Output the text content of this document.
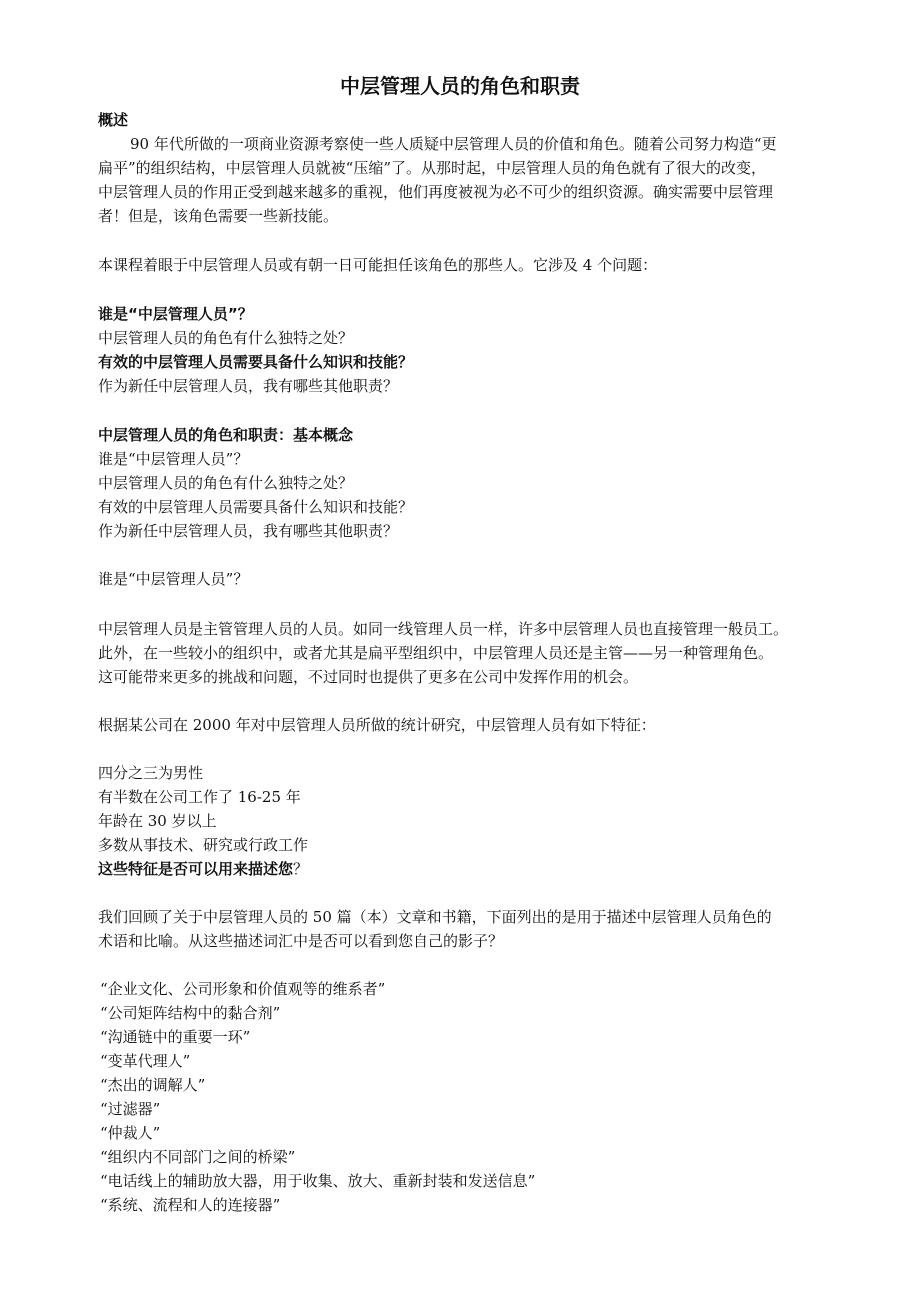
中层管理人员的角色和职责
概述
90 年代所做的一项商业资源考察使一些人质疑中层管理人员的价值和角色。随着公司努力构造“更
扁平”的组织结构，中层管理人员就被“压缩”了。从那时起，中层管理人员的角色就有了很大的改变，
中层管理人员的作用正受到越来越多的重视，他们再度被视为必不可少的组织资源。确实需要中层管理
者！但是，该角色需要一些新技能。
本课程着眼于中层管理人员或有朝一日可能担任该角色的那些人。它涉及 4 个问题：
谁是“中层管理人员”？
中层管理人员的角色有什么独特之处？
有效的中层管理人员需要具备什么知识和技能？
作为新任中层管理人员，我有哪些其他职责？
中层管理人员的角色和职责：基本概念
谁是“中层管理人员”？
中层管理人员的角色有什么独特之处？
有效的中层管理人员需要具备什么知识和技能？
作为新任中层管理人员，我有哪些其他职责？
谁是“中层管理人员”？
中层管理人员是主管管理人员的人员。如同一线管理人员一样，许多中层管理人员也直接管理一般员工。
此外，在一些较小的组织中，或者尤其是扁平型组织中，中层管理人员还是主管——另一种管理角色。
这可能带来更多的挑战和问题，不过同时也提供了更多在公司中发挥作用的机会。
根据某公司在 2000 年对中层管理人员所做的统计研究，中层管理人员有如下特征：
四分之三为男性
有半数在公司工作了 16-25 年
年龄在 30 岁以上
多数从事技术、研究或行政工作
这些特征是否可以用来描述您？
我们回顾了关于中层管理人员的 50 篇（本）文章和书籍，下面列出的是用于描述中层管理人员角色的
术语和比喻。从这些描述词汇中是否可以看到您自己的影子？
“企业文化、公司形象和价值观等的维系者”
“公司矩阵结构中的黏合剂”
“沟通链中的重要一环”
“变革代理人”
“杰出的调解人”
“过滤器”
“仲裁人”
“组织内不同部门之间的桥梁”
“电话线上的辅助放大器，用于收集、放大、重新封装和发送信息”
“系统、流程和人的连接器”
